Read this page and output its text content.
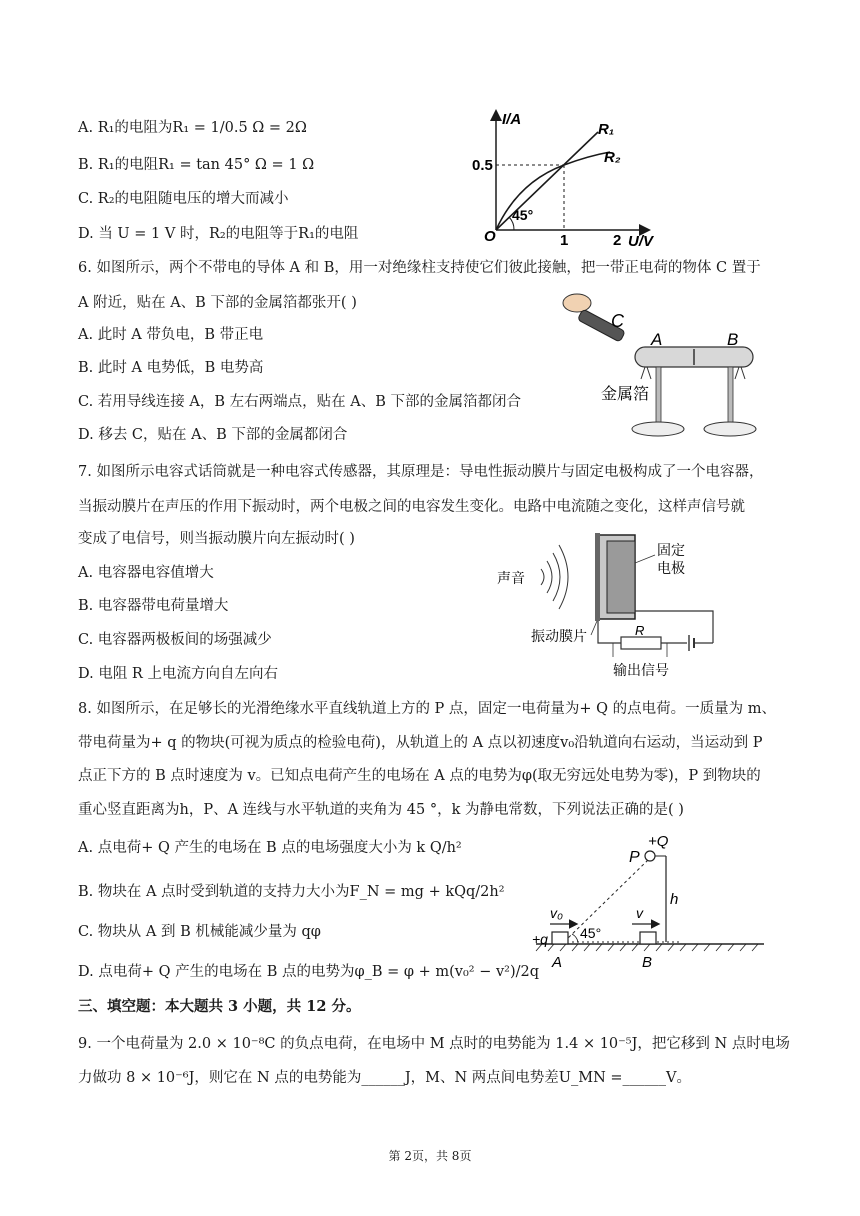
A. R₁的电阻为R₁ = 1/0.5 Ω = 2Ω
B. R₁的电阻R₁ = tan 45° Ω = 1 Ω
C. R₂的电阻随电压的增大而减小
D. 当 U = 1 V 时，R₂的电阻等于R₁的电阻
I/A
U/V
O
0.5
1	2
45°
R₁
R₂
6. 如图所示，两个不带电的导体 A 和 B，用一对绝缘柱支持使它们彼此接触，把一带正电荷的物体 C 置于
A 附近，贴在 A、B 下部的金属箔都张开( )
A. 此时 A 带负电，B 带正电
B. 此时 A 电势低，B 电势高
C. 若用导线连接 A，B 左右两端点，贴在 A、B 下部的金属箔都闭合
D. 移去 C，贴在 A、B 下部的金属都闭合
C
A	B
金属箔
7. 如图所示电容式话筒就是一种电容式传感器，其原理是：导电性振动膜片与固定电极构成了一个电容器，
当振动膜片在声压的作用下振动时，两个电极之间的电容发生变化。电路中电流随之变化，这样声信号就
变成了电信号，则当振动膜片向左振动时( )
A. 电容器电容值增大
B. 电容器带电荷量增大
C. 电容器两极板间的场强减少
D. 电阻 R 上电流方向自左向右
声音
固定
电极
振动膜片	R
输出信号
8. 如图所示，在足够长的光滑绝缘水平直线轨道上方的 P 点，固定一电荷量为+ Q 的点电荷。一质量为 m、
带电荷量为+ q 的物块(可视为质点的检验电荷)，从轨道上的 A 点以初速度v₀沿轨道向右运动，当运动到 P
点正下方的 B 点时速度为 v。已知点电荷产生的电场在 A 点的电势为φ(取无穷远处电势为零)，P 到物块的
重心竖直距离为h，P、A 连线与水平轨道的夹角为 45 °，k 为静电常数，下列说法正确的是( )
A. 点电荷+ Q 产生的电场在 B 点的电场强度大小为 k Q/h²
B. 物块在 A 点时受到轨道的支持力大小为F_N = mg + kQq/2h²
C. 物块从 A 到 B 机械能减少量为 qφ
D. 点电荷+ Q 产生的电场在 B 点的电势为φ_B = φ + m(v₀² − v²)/2q
+Q
P
h
+q
v₀
45°
A
v
B
三、填空题：本大题共 3 小题，共 12 分。
9. 一个电荷量为 2.0 × 10⁻⁸C 的负点电荷，在电场中 M 点时的电势能为 1.4 × 10⁻⁵J，把它移到 N 点时电场
力做功 8 × 10⁻⁶J，则它在 N 点的电势能为______J，M、N 两点间电势差U_MN =______V。
第 2页，共 8页
